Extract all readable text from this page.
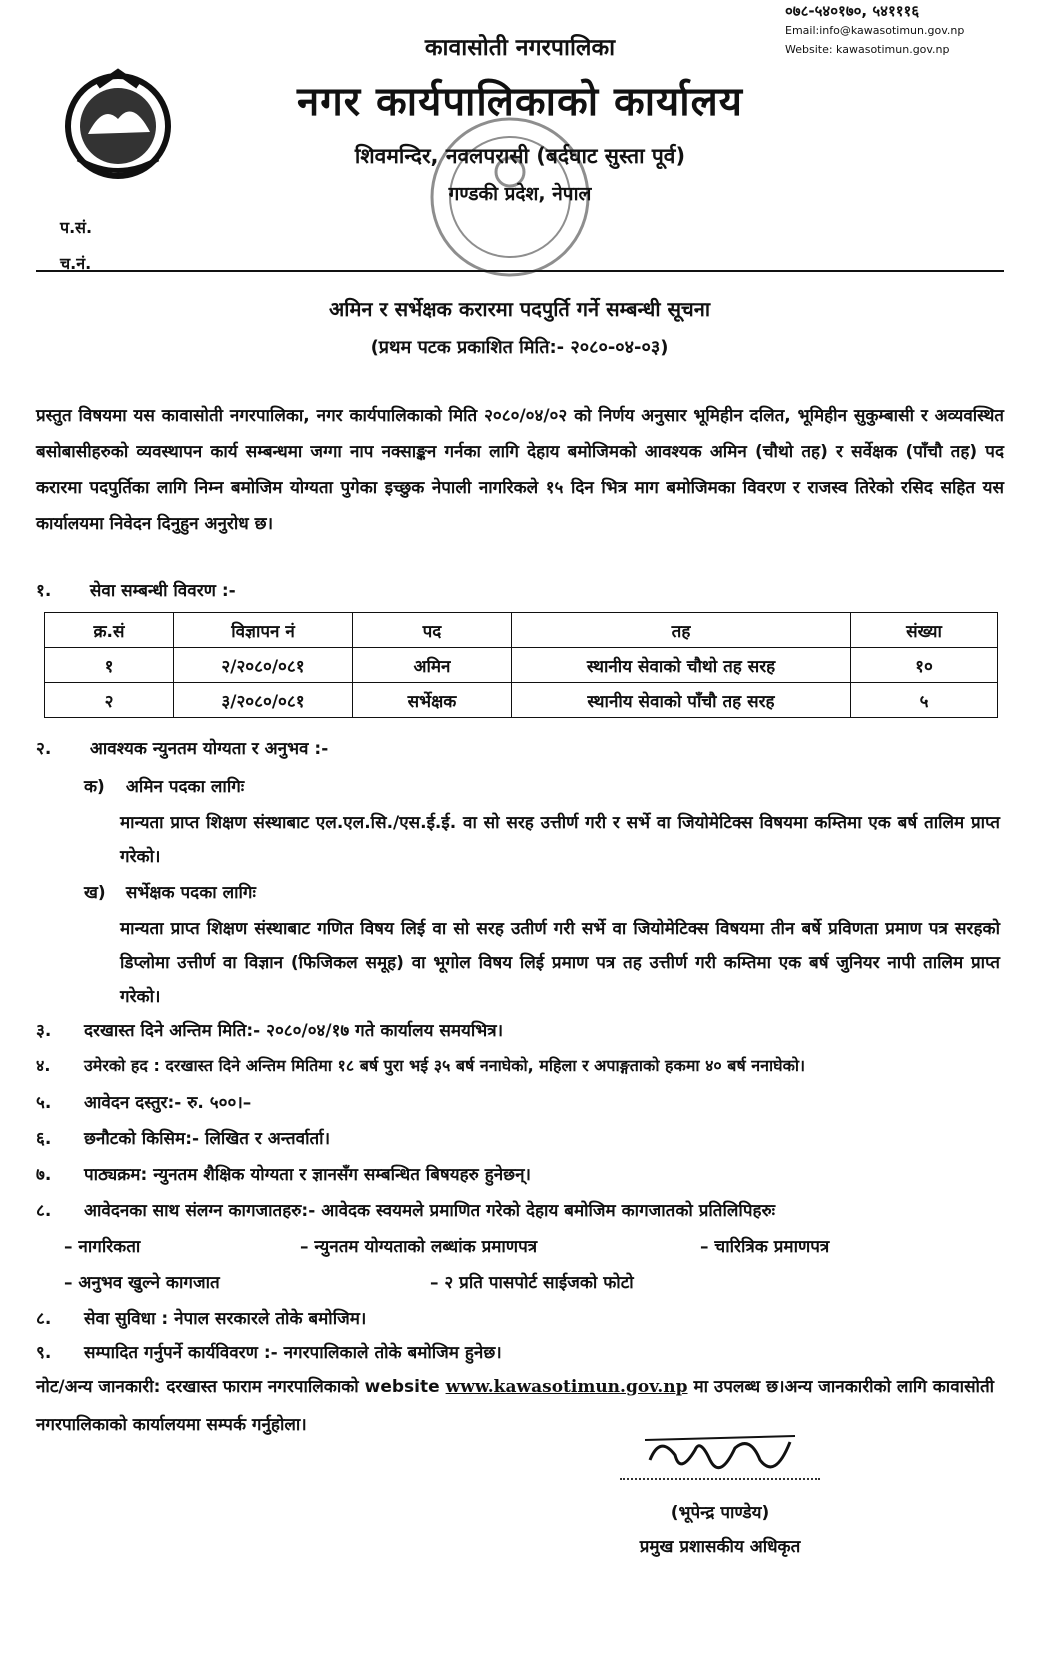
०७८-५४०१७०, ५४१११६
Email:info@kawasotimun.gov.np
Website: kawasotimun.gov.np
कावासोती नगरपालिका
नगर कार्यपालिकाको कार्यालय
शिवमन्दिर, नवलपरासी (बर्दघाट सुस्ता पूर्व)
गण्डकी प्रदेश, नेपाल
प.सं.
च.नं.
अमिन र सर्भेक्षक करारमा पदपुर्ति गर्ने सम्बन्धी सूचना
(प्रथम पटक प्रकाशित मिति:- २०८०-०४-०३)
प्रस्तुत विषयमा यस कावासोती नगरपालिका, नगर कार्यपालिकाको मिति २०८०/०४/०२ को निर्णय अनुसार भूमिहीन दलित, भूमिहीन सुकुम्बासी र अव्यवस्थित बसोबासीहरुको व्यवस्थापन कार्य सम्बन्धमा जग्गा नाप नक्साङ्कन गर्नका लागि देहाय बमोजिमको आवश्यक अमिन (चौथो तह) र सर्वेक्षक (पाँचौ तह) पद करारमा पदपुर्तिका लागि निम्न बमोजिम योग्यता पुगेका इच्छुक नेपाली नागरिकले १५ दिन भित्र माग बमोजिमका विवरण र राजस्व तिरेको रसिद सहित यस कार्यालयमा निवेदन दिनुहुन अनुरोध छ।
१. सेवा सम्बन्धी विवरण :-
क्र.सं	विज्ञापन नं	पद	तह	संख्या
१	२/२०८०/०८१	अमिन	स्थानीय सेवाको चौथो तह सरह	१०
२	३/२०८०/०८१	सर्भेक्षक	स्थानीय सेवाको पाँचौ तह सरह	५
२. आवश्यक न्युनतम योग्यता र अनुभव :-
क) अमिन पदका लागिः
मान्यता प्राप्त शिक्षण संस्थाबाट एल.एल.सि./एस.ई.ई. वा सो सरह उत्तीर्ण गरी र सर्भे वा जियोमेटिक्स विषयमा कम्तिमा एक बर्ष तालिम प्राप्त गरेको।
ख) सर्भेक्षक पदका लागिः
मान्यता प्राप्त शिक्षण संस्थाबाट गणित विषय लिई वा सो सरह उतीर्ण गरी सर्भे वा जियोमेटिक्स विषयमा तीन बर्षे प्रविणता प्रमाण पत्र सरहको डिप्लोमा उत्तीर्ण वा विज्ञान (फिजिकल समूह) वा भूगोल विषय लिई प्रमाण पत्र तह उत्तीर्ण गरी कम्तिमा एक बर्ष जुनियर नापी तालिम प्राप्त गरेको।
३. दरखास्त दिने अन्तिम मिति:- २०८०/०४/१७ गते कार्यालय समयभित्र।
४. उमेरको हद : दरखास्त दिने अन्तिम मितिमा १८ बर्ष पुरा भई ३५ बर्ष ननाघेको, महिला र अपाङ्गताको हकमा ४० बर्ष ननाघेको।
५. आवेदन दस्तुर:- रु. ५००।–
६. छनौटको किसिम:- लिखित र अन्तर्वार्ता।
७. पाठ्यक्रम: न्युनतम शैक्षिक योग्यता र ज्ञानसँग सम्बन्धित बिषयहरु हुनेछन्।
८. आवेदनका साथ संलग्न कागजातहरु:- आवेदक स्वयमले प्रमाणित गरेको देहाय बमोजिम कागजातको प्रतिलिपिहरुः
– नागरिकता	– न्युनतम योग्यताको लब्धांक प्रमाणपत्र	– चारित्रिक प्रमाणपत्र
– अनुभव खुल्ने कागजात	– २ प्रति पासपोर्ट साईजको फोटो
८. सेवा सुविधा : नेपाल सरकारले तोके बमोजिम।
९. सम्पादित गर्नुपर्ने कार्यविवरण :- नगरपालिकाले तोके बमोजिम हुनेछ।
नोट/अन्य जानकारी: दरखास्त फाराम नगरपालिकाको website www.kawasotimun.gov.np मा उपलब्ध छ।अन्य जानकारीको लागि कावासोती नगरपालिकाको कार्यालयमा सम्पर्क गर्नुहोला।
(भूपेन्द्र पाण्डेय)
प्रमुख प्रशासकीय अधिकृत
